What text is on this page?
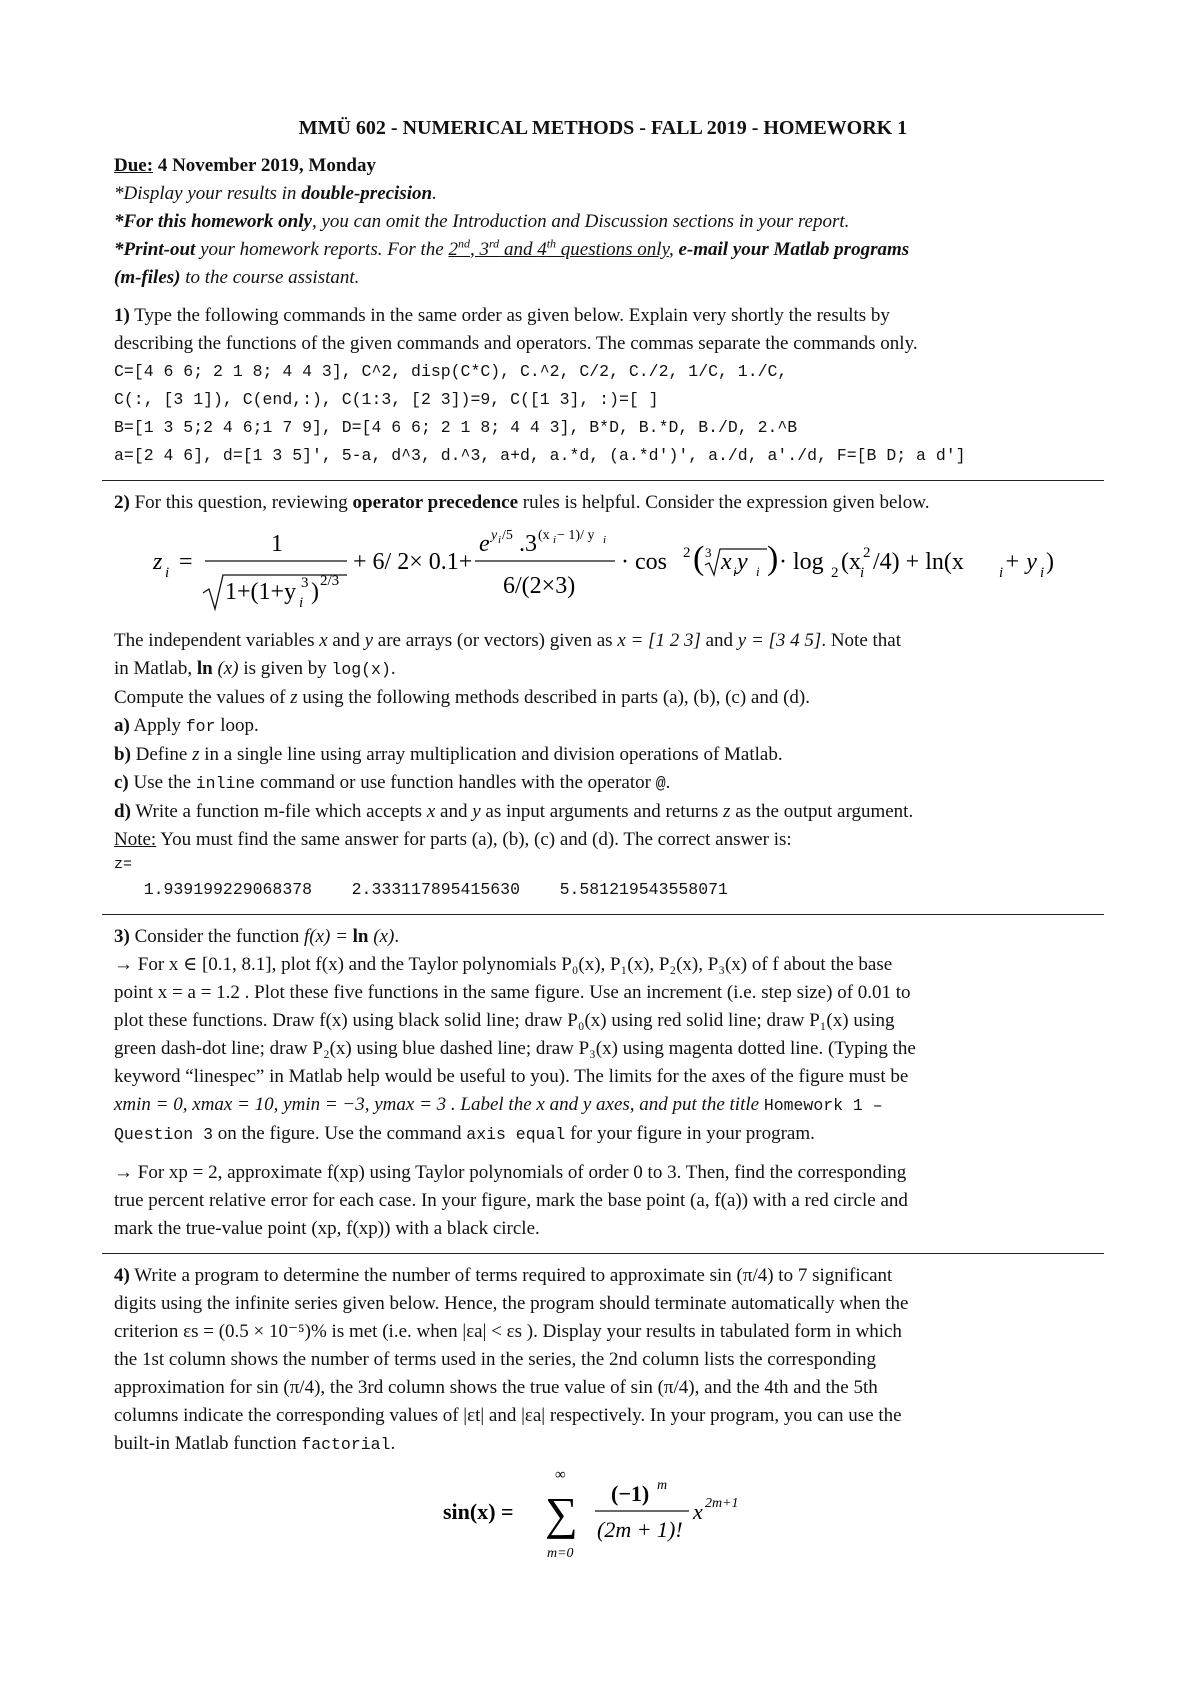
MMÜ 602 - NUMERICAL METHODS - FALL 2019 - HOMEWORK 1

Due: 4 November 2019, Monday

*Display your results in double-precision.

*For this homework only, you can omit the Introduction and Discussion sections in your report.

*Print-out your homework reports. For the 2nd, 3rd and 4th questions only, e-mail your Matlab programs

(m-files) to the course assistant.

1) Type the following commands in the same order as given below. Explain very shortly the results by

describing the functions of the given commands and operators. The commas separate the commands only.

C=[4 6 6; 2 1 8; 4 4 3], C^2, disp(C*C), C.^2, C/2, C./2, 1/C, 1./C,

C(:, [3 1]), C(end,:), C(1:3, [2 3])=9, C([1 3], :)=[ ]

B=[1 3 5;2 4 6;1 7 9], D=[4 6 6; 2 1 8; 4 4 3], B*D, B.*D, B./D, 2.^B

a=[2 4 6], d=[1 3 5]', 5-a, d^3, d.^3, a+d, a.*d, (a.*d')', a./d, a'./d, F=[B D; a d']

2) For this question, reviewing operator precedence rules is helpful. Consider the expression given below.

z i =
1
1+(1+y i
3 ) 2/3
+ 6/ 2× 0.1+
e y i /5 .3 (x i − 1)/ y i
6/(2×3)
· cos 2 ( 3 x i y i ) · log 2 (x i
2 /4) + ln(x i + y i )

The independent variables x and y are arrays (or vectors) given as x = [1 2 3] and y = [3 4 5]. Note that

in Matlab, ln (x) is given by log(x).

Compute the values of z using the following methods described in parts (a), (b), (c) and (d).

a) Apply for loop.

b) Define z in a single line using array multiplication and division operations of Matlab.

c) Use the inline command or use function handles with the operator @.

d) Write a function m-file which accepts x and y as input arguments and returns z as the output argument.

Note: You must find the same answer for parts (a), (b), (c) and (d). The correct answer is:

z=

1.939199229068378    2.333117895415630    5.581219543558071

3) Consider the function f(x) = ln (x).

→ For x ∈ [0.1, 8.1], plot f(x) and the Taylor polynomials P₀(x), P₁(x), P₂(x), P₃(x) of f about the base

point x = a = 1.2 . Plot these five functions in the same figure. Use an increment (i.e. step size) of 0.01 to

plot these functions. Draw f(x) using black solid line; draw P₀(x) using red solid line; draw P₁(x) using

green dash-dot line; draw P₂(x) using blue dashed line; draw P₃(x) using magenta dotted line. (Typing the

keyword “linespec” in Matlab help would be useful to you). The limits for the axes of the figure must be

xmin = 0, xmax = 10, ymin = −3, ymax = 3 . Label the x and y axes, and put the title Homework 1 –

Question 3 on the figure. Use the command axis equal for your figure in your program.

→ For xp = 2, approximate f(xp) using Taylor polynomials of order 0 to 3. Then, find the corresponding

true percent relative error for each case. In your figure, mark the base point (a, f(a)) with a red circle and

mark the true-value point (xp, f(xp)) with a black circle.

4) Write a program to determine the number of terms required to approximate sin (π/4) to 7 significant

digits using the infinite series given below. Hence, the program should terminate automatically when the

criterion εs = (0.5 × 10⁻⁵)% is met (i.e. when |εa| < εs ). Display your results in tabulated form in which

the 1st column shows the number of terms used in the series, the 2nd column lists the corresponding

approximation for sin (π/4), the 3rd column shows the true value of sin (π/4), and the 4th and the 5th

columns indicate the corresponding values of |εt| and |εa| respectively. In your program, you can use the

built-in Matlab function factorial.

sin(x) =
∞
∑
m=0
(−1) m
(2m + 1)!
x 2m+1
